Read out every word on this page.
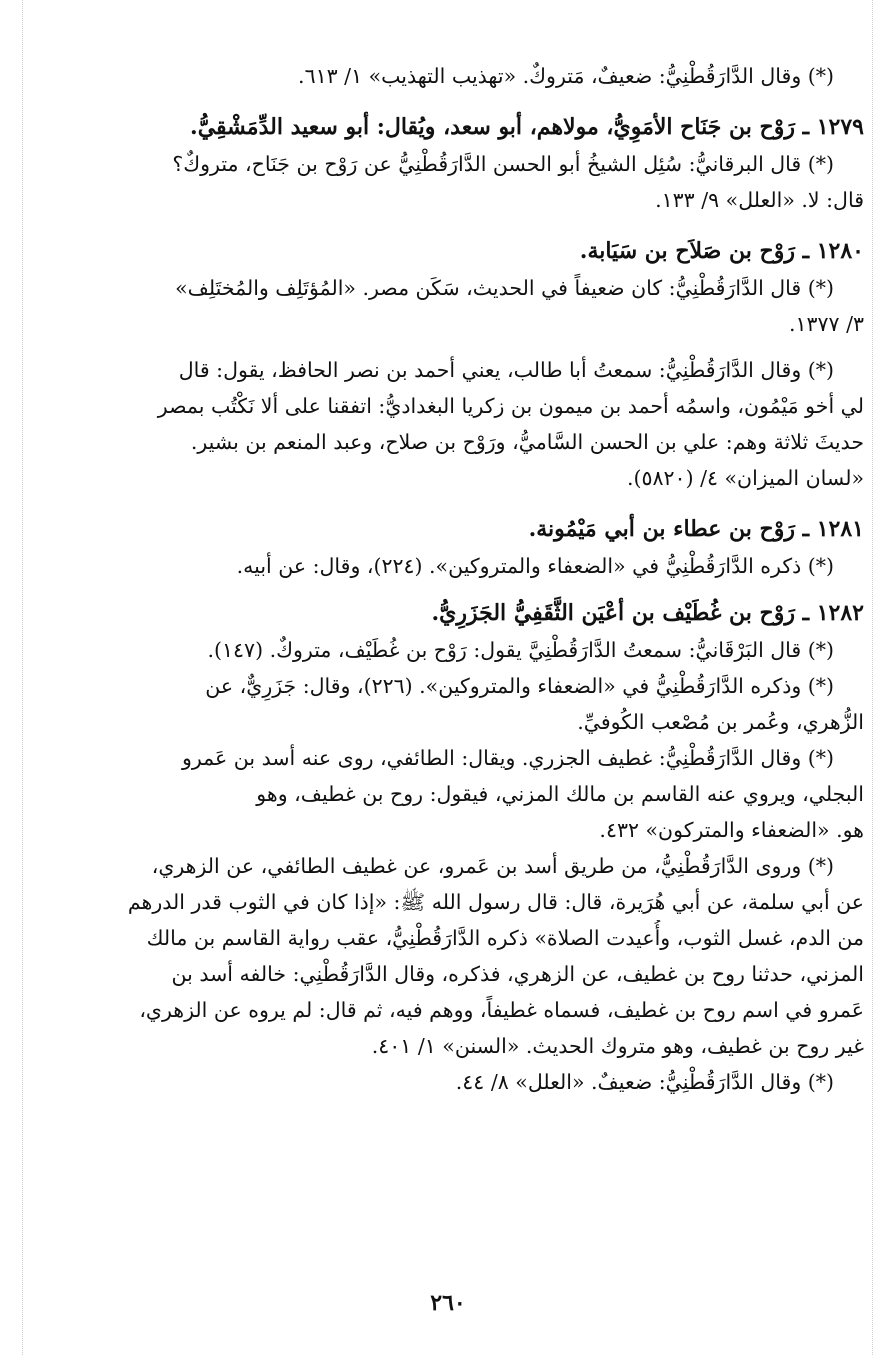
(*) وقال الدَّارَقُطْنِيُّ: ضعيفٌ، مَتروكٌ. «تهذيب التهذيب» ١/ ٦١٣.
١٢٧٩ ـ رَوْح بن جَنَاح الأمَوِيُّ، مولاهم، أبو سعد، ويُقال: أبو سعيد الدِّمَشْقِيُّ.
(*) قال البرقانيُّ: سُئِل الشيخُ أبو الحسن الدَّارَقُطْنِيُّ عن رَوْح بن جَنَاح، متروكٌ؟
قال: لا. «العلل» ٩/ ١٣٣.
١٢٨٠ ـ رَوْح بن صَلاَح بن سَيَابة.
(*) قال الدَّارَقُطْنِيُّ: كان ضعيفاً في الحديث، سَكَن مصر. «المُؤتَلِف والمُختَلِف»
٣/ ١٣٧٧.
(*) وقال الدَّارَقُطْنِيُّ: سمعتُ أبا طالب، يعني أحمد بن نصر الحافظ، يقول: قال
لي أخو مَيْمُون، واسمُه أحمد بن ميمون بن زكريا البغداديُّ: اتفقنا على ألا نَكْتُب بمصر
حديثَ ثلاثة وهم: علي بن الحسن السَّاميُّ، ورَوْح بن صلاح، وعبد المنعم بن بشير.
«لسان الميزان» ٤/ (٥٨٢٠).
١٢٨١ ـ رَوْح بن عطاء بن أبي مَيْمُونة.
(*) ذكره الدَّارَقُطْنِيُّ في «الضعفاء والمتروكين». (٢٢٤)، وقال: عن أبيه.
١٢٨٢ ـ رَوْح بن غُطَيْف بن أعْيَن الثَّقَفِيُّ الجَزَرِيُّ.
(*) قال البَرْقَانيُّ: سمعتُ الدَّارَقُطْنِيَّ يقول: رَوْح بن غُطَيْف، متروكٌ. (١٤٧).
(*) وذكره الدَّارَقُطْنِيُّ في «الضعفاء والمتروكين». (٢٢٦)، وقال: جَزَرِيٌّ، عن
الزُّهري، وعُمر بن مُصْعب الكُوفيِّ.
(*) وقال الدَّارَقُطْنِيُّ: غطيف الجزري. ويقال: الطائفي، روى عنه أسد بن عَمرو
البجلي، ويروي عنه القاسم بن مالك المزني، فيقول: روح بن غطيف، وهو
هو. «الضعفاء والمتركون» ٤٣٢.
(*) وروى الدَّارَقُطْنِيُّ، من طريق أسد بن عَمرو، عن غطيف الطائفي، عن الزهري،
عن أبي سلمة، عن أبي هُرَيرة، قال: قال رسول الله ﷺ: «إذا كان في الثوب قدر الدرهم
من الدم، غسل الثوب، وأُعيدت الصلاة» ذكره الدَّارَقُطْنِيُّ، عقب رواية القاسم بن مالك
المزني، حدثنا روح بن غطيف، عن الزهري، فذكره، وقال الدَّارَقُطْنِي: خالفه أسد بن
عَمرو في اسم روح بن غطيف، فسماه غطيفاً، ووهم فيه، ثم قال: لم يروه عن الزهري،
غير روح بن غطيف، وهو متروك الحديث. «السنن» ١/ ٤٠١.
(*) وقال الدَّارَقُطْنِيُّ: ضعيفٌ. «العلل» ٨/ ٤٤.
٢٦٠
